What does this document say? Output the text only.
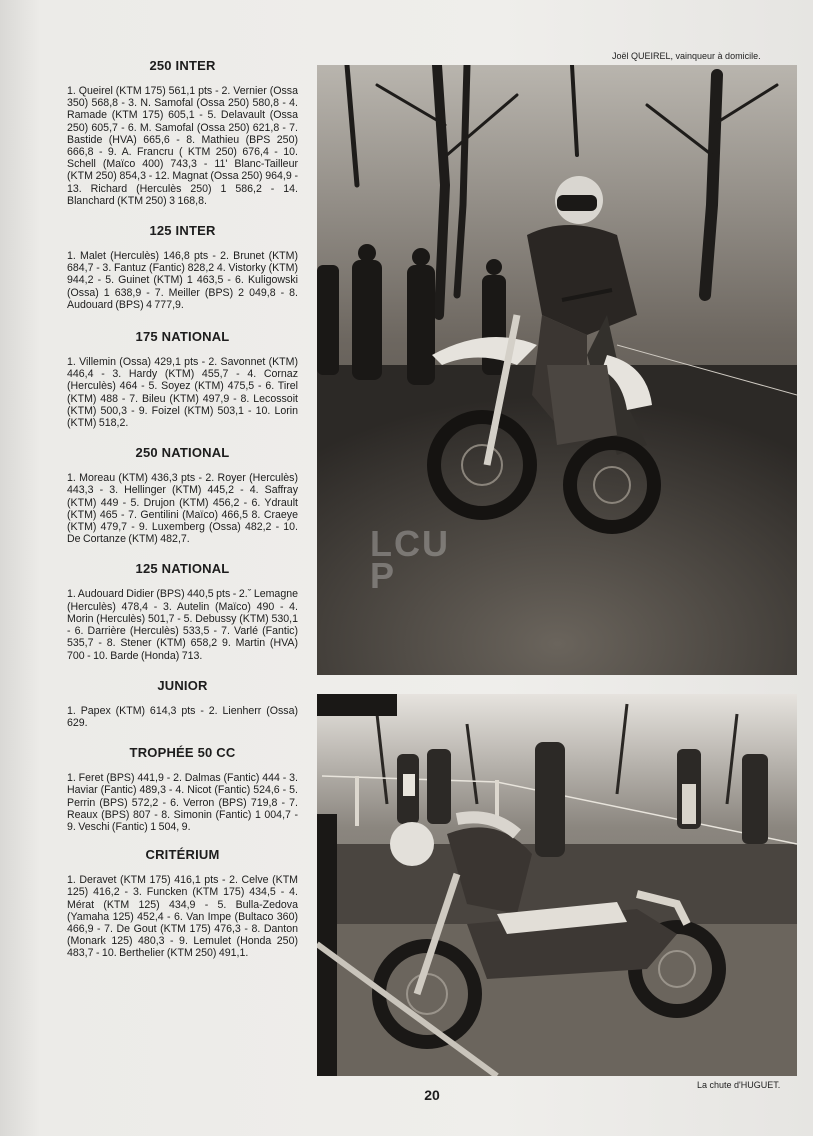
Joël QUEIREL, vainqueur à domicile.
La chute d'HUGUET.
LCUP
250 INTER

1. Queirel (KTM 175) 561,1 pts - 2. Vernier (Ossa 350) 568,8 - 3. N. Samofal (Ossa 250) 580,8 - 4. Ramade (KTM 175) 605,1 - 5. Delavault (Ossa 250) 605,7 - 6. M. Samofal (Ossa 250) 621,8 - 7. Bastide (HVA) 665,6 - 8. Mathieu (BPS 250) 666,8 - 9. A. Francru ( KTM 250) 676,4 - 10. Schell (Maïco 400) 743,3 - 11' Blanc-Tailleur (KTM 250) 854,3 - 12. Magnat (Ossa 250) 964,9 - 13. Richard (Herculès 250) 1 586,2 - 14. Blanchard (KTM 250) 3 168,8.

125 INTER

1. Malet (Herculès) 146,8 pts - 2. Brunet (KTM) 684,7 - 3. Fantuz (Fantic) 828,2 4. Vistorky (KTM) 944,2 - 5. Guinet (KTM) 1 463,5 - 6. Kuligowski (Ossa) 1 638,9 - 7. Meiller (BPS) 2 049,8 - 8. Audouard (BPS) 4 777,9.

175 NATIONAL

1. Villemin (Ossa) 429,1 pts - 2. Savonnet (KTM) 446,4 - 3. Hardy (KTM) 455,7 - 4. Cornaz (Herculès) 464 - 5. Soyez (KTM) 475,5 - 6. Tirel (KTM) 488 - 7. Bileu (KTM) 497,9 - 8. Lecossoit (KTM) 500,3 - 9. Foizel (KTM) 503,1 - 10. Lorin (KTM) 518,2.

250 NATIONAL

1. Moreau (KTM) 436,3 pts - 2. Royer (Herculès) 443,3 - 3. Hellinger (KTM) 445,2 - 4. Saffray (KTM) 449 - 5. Drujon (KTM) 456,2 - 6. Ydrault (KTM) 465 - 7. Gentilini (Maïco) 466,5 8. Craeye (KTM) 479,7 - 9. Luxemberg (Ossa) 482,2 - 10. De Cortanze (KTM) 482,7.

125 NATIONAL

1. Audouard Didier (BPS) 440,5 pts - 2.ˇ Lemagne (Herculès) 478,4 - 3. Autelin (Maïco) 490 - 4. Morin (Herculès) 501,7 - 5. Debussy (KTM) 530,1 - 6. Darrière (Herculès) 533,5 - 7. Varlé (Fantic) 535,7 - 8. Stener (KTM) 658,2 9. Martin (HVA) 700 - 10. Barde (Honda) 713.

JUNIOR

1. Papex (KTM) 614,3 pts - 2. Lienherr (Ossa) 629.

TROPHÉE 50 CC

1. Feret (BPS) 441,9 - 2. Dalmas (Fantic) 444 - 3. Haviar (Fantic) 489,3 - 4. Nicot (Fantic) 524,6 - 5. Perrin (BPS) 572,2 - 6. Verron (BPS) 719,8 - 7. Reaux (BPS) 807 - 8. Simonin (Fantic) 1 004,7 - 9. Veschi (Fantic) 1 504, 9.

CRITÉRIUM

1. Deravet (KTM 175) 416,1 pts - 2. Celve (KTM 125) 416,2 - 3. Funcken (KTM 175) 434,5 - 4. Mérat (KTM 125) 434,9 - 5. Bulla-Zedova (Yamaha 125) 452,4 - 6. Van Impe (Bultaco 360) 466,9 - 7. De Gout (KTM 175) 476,3 - 8. Danton (Monark 125) 480,3 - 9. Lemulet (Honda 250) 483,7 - 10. Berthelier (KTM 250) 491,1.

20
